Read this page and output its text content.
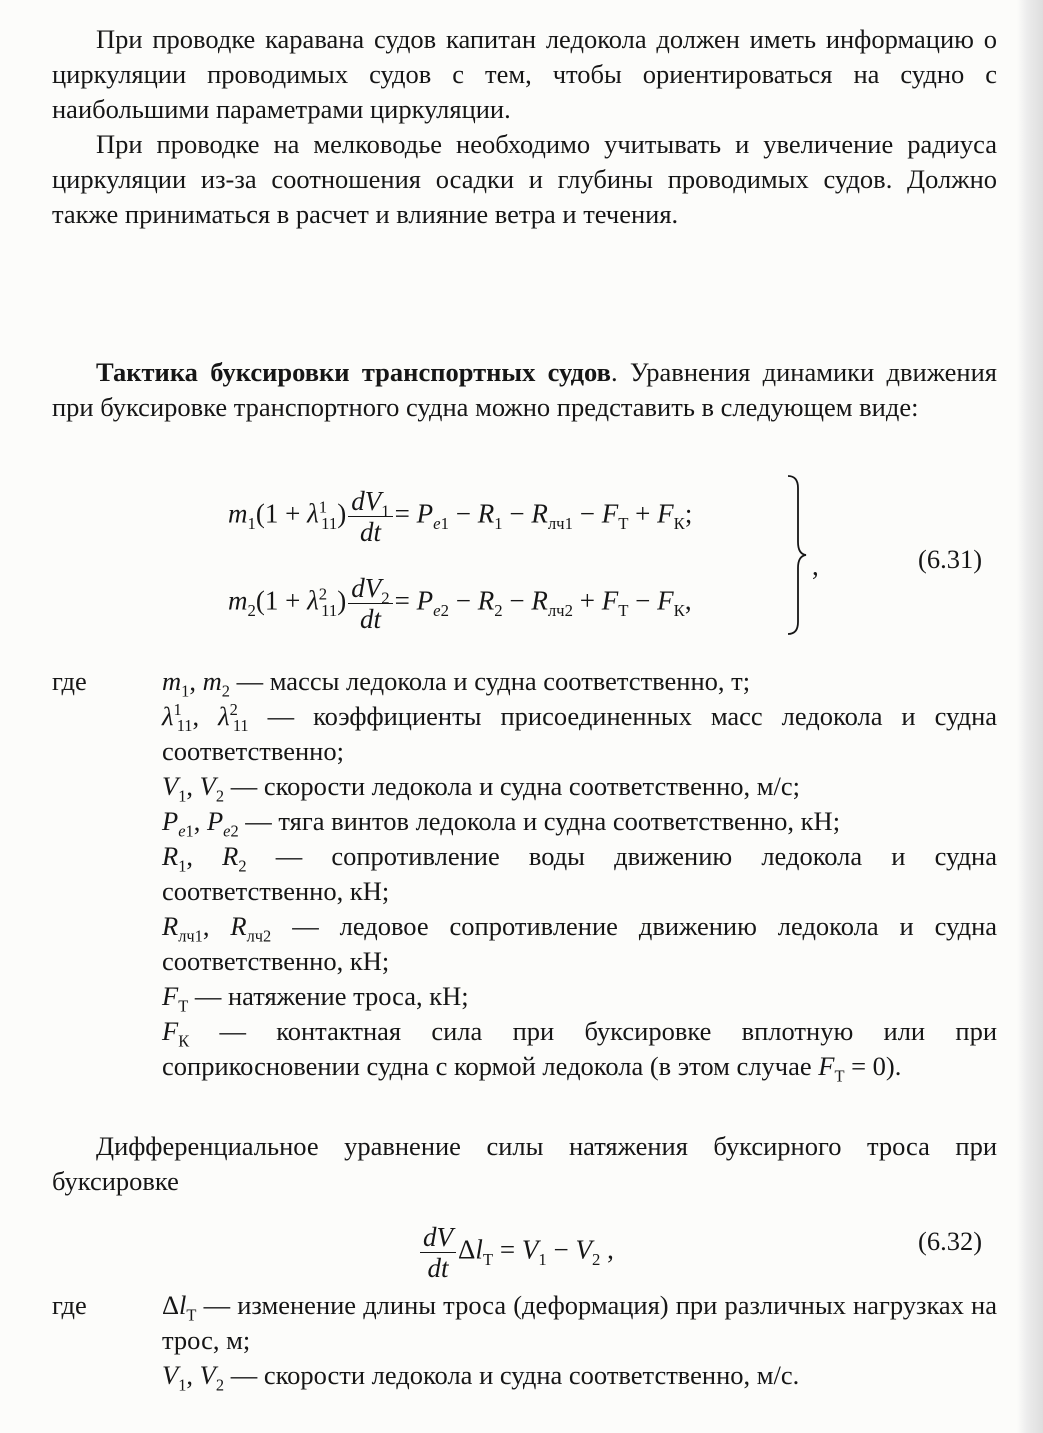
При проводке каравана судов капитан ледокола должен иметь информацию о циркуляции проводимых судов с тем, чтобы ориентироваться на судно с наибольшими параметрами циркуляции.

При проводке на мелководье необходимо учитывать и увеличение радиуса циркуляции из-за соотношения осадки и глубины проводимых судов. Должно также приниматься в расчет и влияние ветра и течения.

Тактика буксировки транспортных судов. Уравнения динамики движения при буксировке транспортного судна можно представить в следующем виде:

$m_1(1 + \lambda^1_{11}) \frac{dV_1}{dt} = P_{e1} - R_1 - R_{лч1} - F_Т + F_К$;
$m_2(1 + \lambda^2_{11}) \frac{dV_2}{dt} = P_{e2} - R_2 - R_{лч2} + F_Т - F_К$,
,	(6.31)
где	$m_1$, $m_2$ — массы ледокола и судна соответственно, т;

$\lambda^1_{11}$, $\lambda^2_{11}$ — коэффициенты присоединенных масс ледокола и судна соответственно;

$V_1$, $V_2$ — скорости ледокола и судна соответственно, м/с;

$P_{e1}$, $P_{e2}$ — тяга винтов ледокола и судна соответственно, кН;

$R_1$, $R_2$ — сопротивление воды движению ледокола и судна соответственно, кН;

$R_{лч1}$, $R_{лч2}$ — ледовое сопротивление движению ледокола и судна соответственно, кН;

$F_Т$ — натяжение троса, кН;

$F_К$ — контактная сила при буксировке вплотную или при соприкосновении судна с кормой ледокола (в этом случае $F_Т = 0$).

Дифференциальное уравнение силы натяжения буксирного троса при буксировке

$\frac{dV}{dt} \Delta l_Т = V_1 - V_2$ ,	(6.32)
где	$\Delta l_Т$ — изменение длины троса (деформация) при различных нагрузках на трос, м;

$V_1$, $V_2$ — скорости ледокола и судна соответственно, м/с.
